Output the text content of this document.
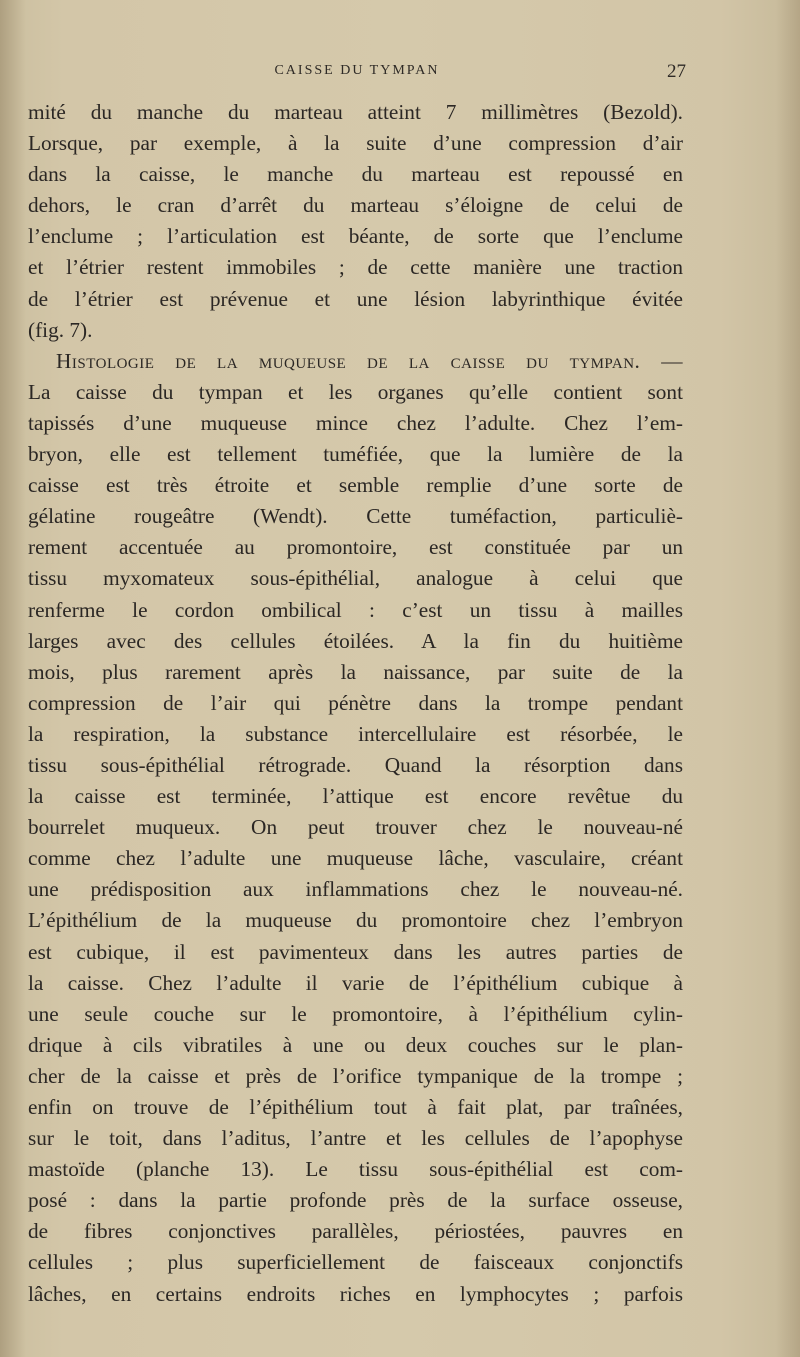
CAISSE DU TYMPAN	27
mité du manche du marteau atteint 7 millimètres (Bezold).
Lorsque, par exemple, à la suite d’une compression d’air
dans la caisse, le manche du marteau est repoussé en
dehors, le cran d’arrêt du marteau s’éloigne de celui de
l’enclume ; l’articulation est béante, de sorte que l’enclume
et l’étrier restent immobiles ; de cette manière une traction
de l’étrier est prévenue et une lésion labyrinthique évitée
(fig. 7).
Histologie de la muqueuse de la caisse du tympan. —
La caisse du tympan et les organes qu’elle contient sont
tapissés d’une muqueuse mince chez l’adulte. Chez l’em-
bryon, elle est tellement tuméfiée, que la lumière de la
caisse est très étroite et semble remplie d’une sorte de
gélatine rougeâtre (Wendt). Cette tuméfaction, particuliè-
rement accentuée au promontoire, est constituée par un
tissu myxomateux sous-épithélial, analogue à celui que
renferme le cordon ombilical : c’est un tissu à mailles
larges avec des cellules étoilées. A la fin du huitième
mois, plus rarement après la naissance, par suite de la
compression de l’air qui pénètre dans la trompe pendant
la respiration, la substance intercellulaire est résorbée, le
tissu sous-épithélial rétrograde. Quand la résorption dans
la caisse est terminée, l’attique est encore revêtue du
bourrelet muqueux. On peut trouver chez le nouveau-né
comme chez l’adulte une muqueuse lâche, vasculaire, créant
une prédisposition aux inflammations chez le nouveau-né.
L’épithélium de la muqueuse du promontoire chez l’embryon
est cubique, il est pavimenteux dans les autres parties de
la caisse. Chez l’adulte il varie de l’épithélium cubique à
une seule couche sur le promontoire, à l’épithélium cylin-
drique à cils vibratiles à une ou deux couches sur le plan-
cher de la caisse et près de l’orifice tympanique de la trompe ;
enfin on trouve de l’épithélium tout à fait plat, par traînées,
sur le toit, dans l’aditus, l’antre et les cellules de l’apophyse
mastoïde (planche 13). Le tissu sous-épithélial est com-
posé : dans la partie profonde près de la surface osseuse,
de fibres conjonctives parallèles, périostées, pauvres en
cellules ; plus superficiellement de faisceaux conjonctifs
lâches, en certains endroits riches en lymphocytes ; parfois
